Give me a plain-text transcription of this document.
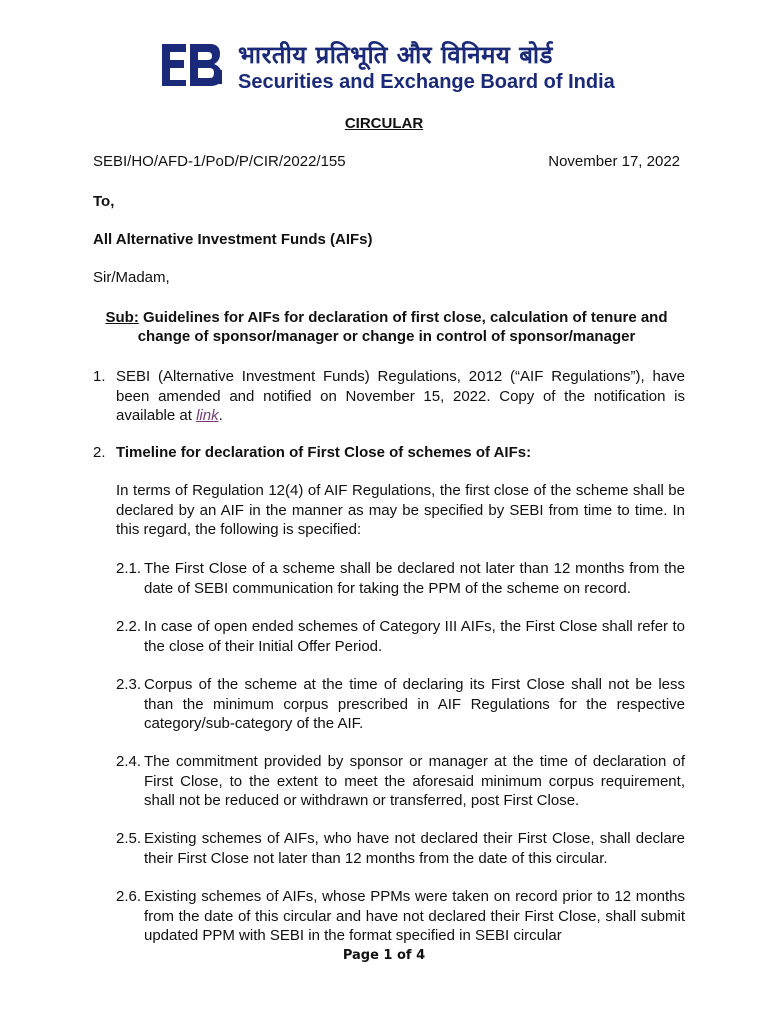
भारतीय प्रतिभूति और विनिमय बोर्ड
Securities and Exchange Board of India
CIRCULAR
SEBI/HO/AFD-1/PoD/P/CIR/2022/155	November 17, 2022
To,
All Alternative Investment Funds (AIFs)
Sir/Madam,
Sub: Guidelines for AIFs for declaration of first close, calculation of tenure and change of sponsor/manager or change in control of sponsor/manager
1. SEBI (Alternative Investment Funds) Regulations, 2012 (“AIF Regulations”), have been amended and notified on November 15, 2022. Copy of the notification is available at link.
2. Timeline for declaration of First Close of schemes of AIFs:
In terms of Regulation 12(4) of AIF Regulations, the first close of the scheme shall be declared by an AIF in the manner as may be specified by SEBI from time to time. In this regard, the following is specified:
2.1. The First Close of a scheme shall be declared not later than 12 months from the date of SEBI communication for taking the PPM of the scheme on record.
2.2. In case of open ended schemes of Category III AIFs, the First Close shall refer to the close of their Initial Offer Period.
2.3. Corpus of the scheme at the time of declaring its First Close shall not be less than the minimum corpus prescribed in AIF Regulations for the respective category/sub-category of the AIF.
2.4. The commitment provided by sponsor or manager at the time of declaration of First Close, to the extent to meet the aforesaid minimum corpus requirement, shall not be reduced or withdrawn or transferred, post First Close.
2.5. Existing schemes of AIFs, who have not declared their First Close, shall declare their First Close not later than 12 months from the date of this circular.
2.6. Existing schemes of AIFs, whose PPMs were taken on record prior to 12 months from the date of this circular and have not declared their First Close, shall submit updated PPM with SEBI in the format specified in SEBI circular
Page 1 of 4
